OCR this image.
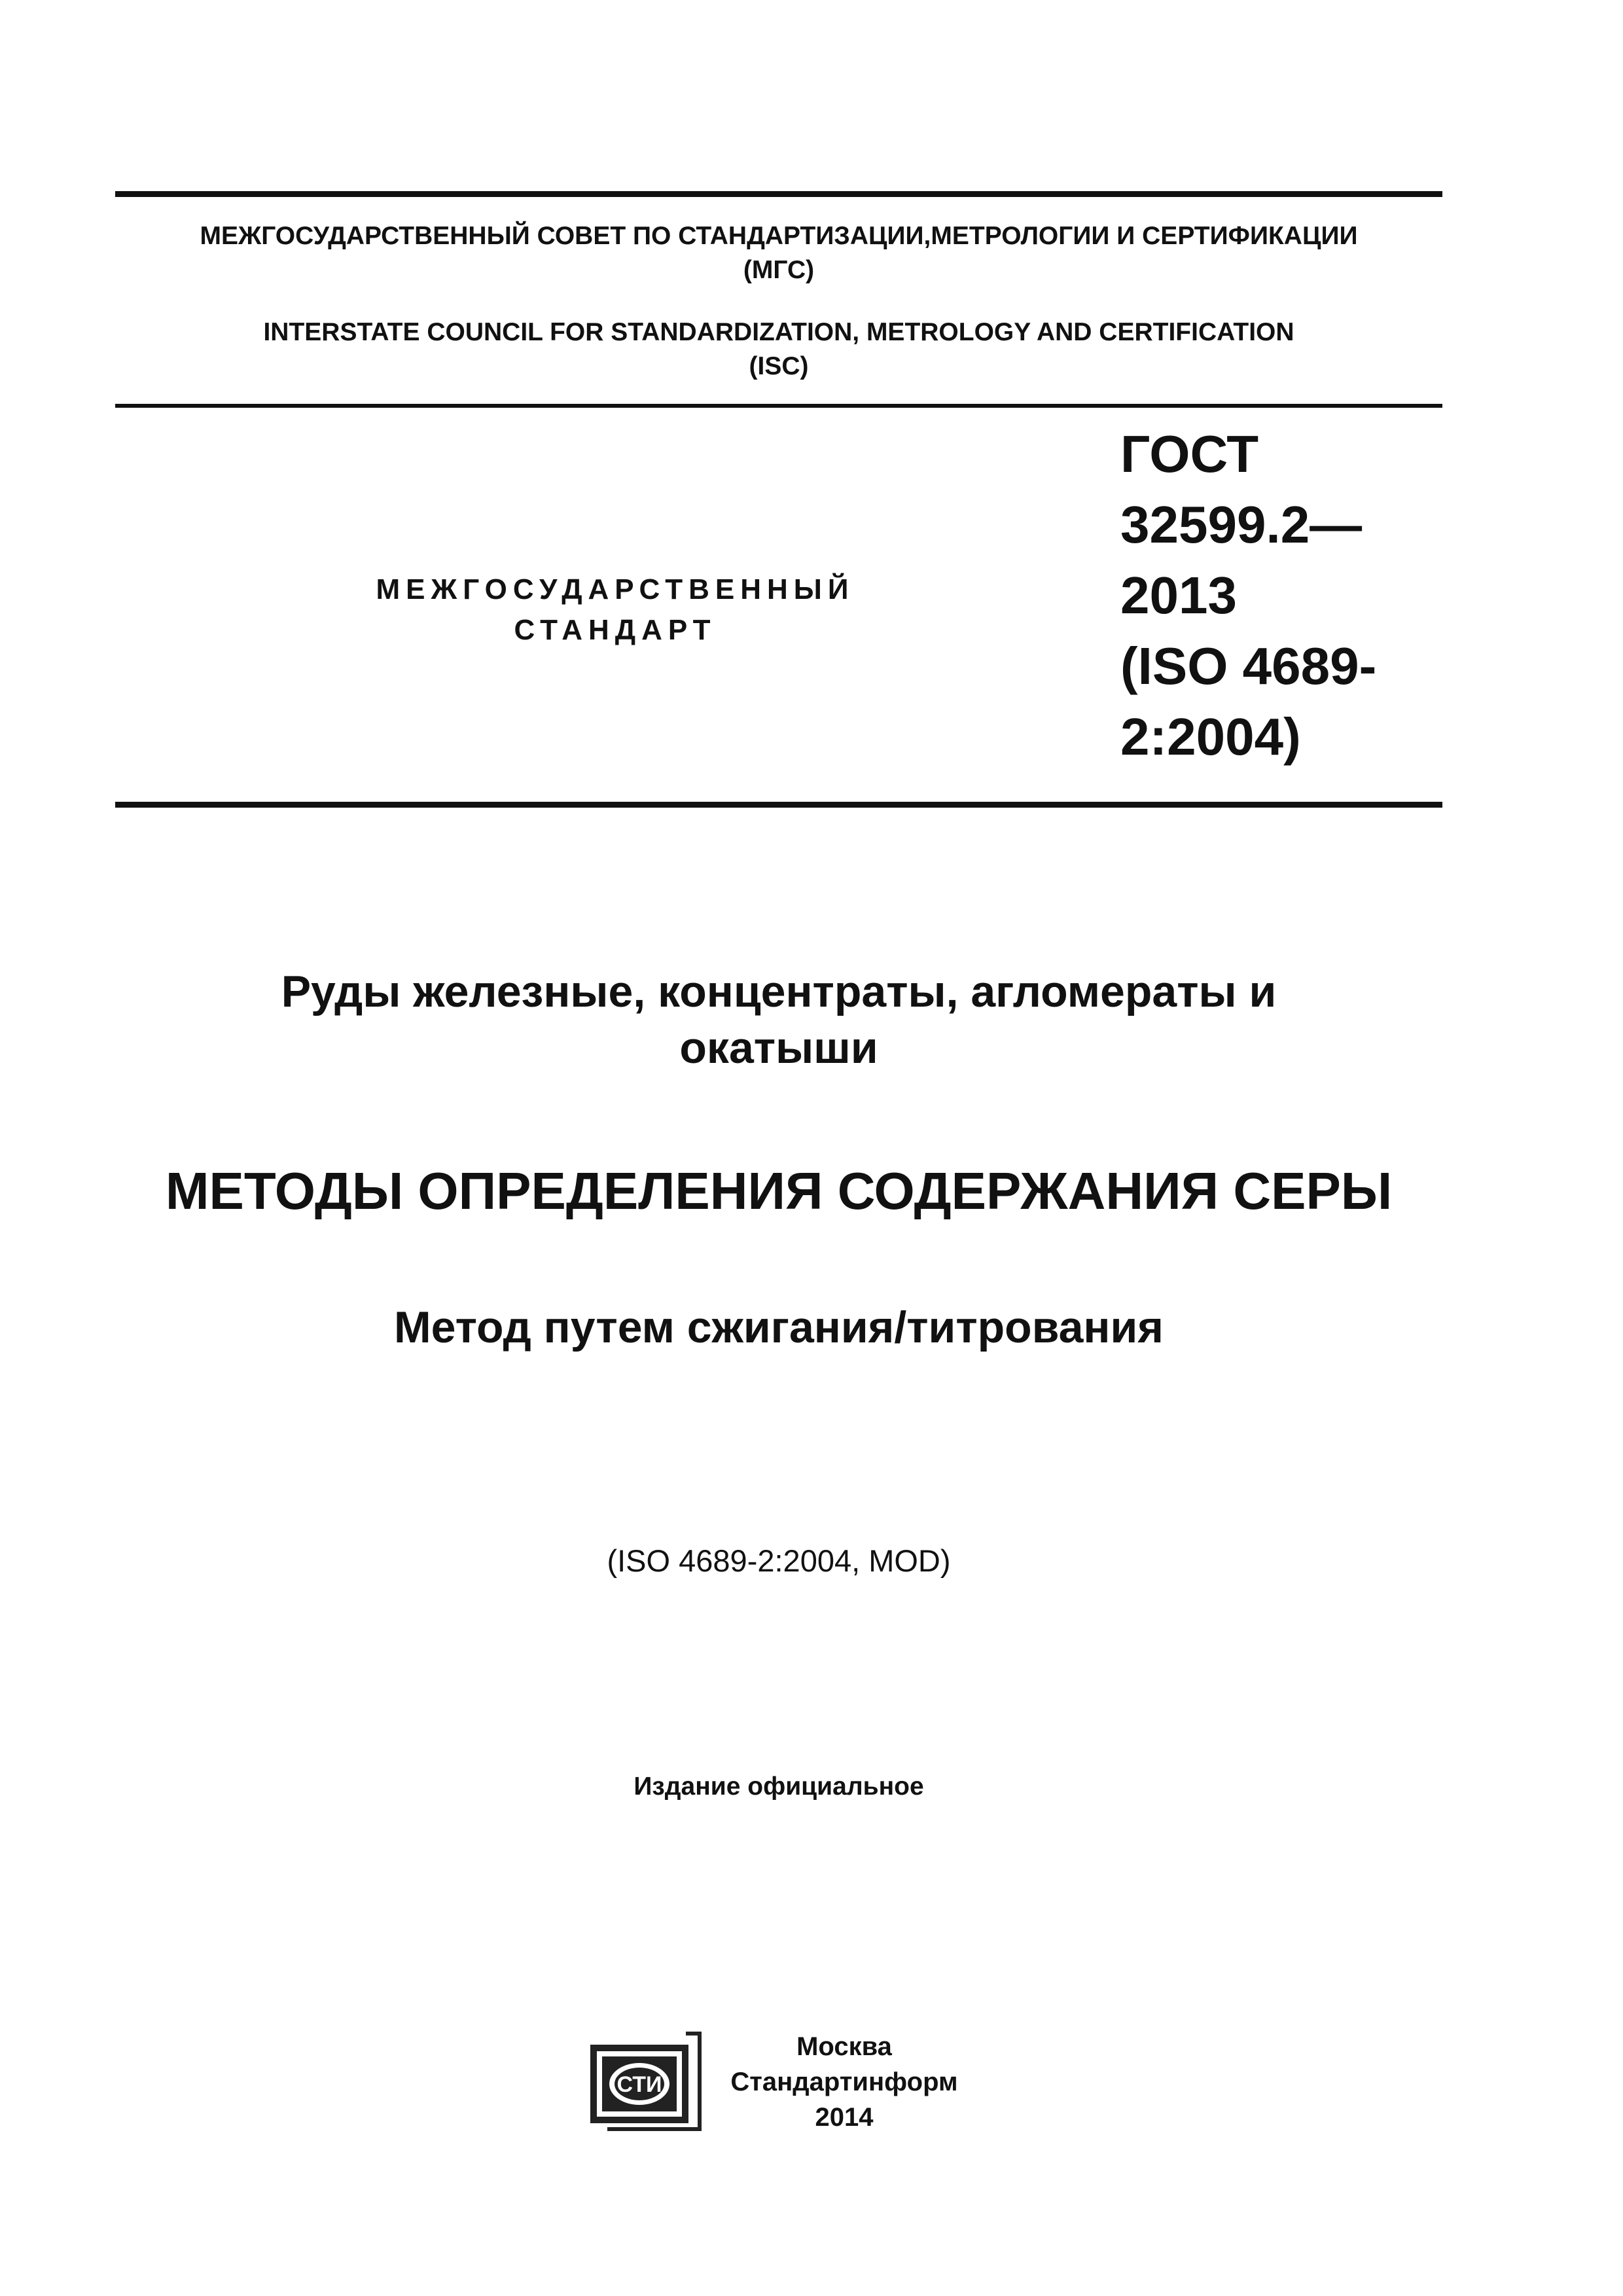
МЕЖГОСУДАРСТВЕННЫЙ СОВЕТ ПО СТАНДАРТИЗАЦИИ,МЕТРОЛОГИИ И СЕРТИФИКАЦИИ
(МГС)
INTERSTATE COUNCIL FOR STANDARDIZATION, METROLOGY AND CERTIFICATION
(ISC)
МЕЖГОСУДАРСТВЕННЫЙ
СТАНДАРТ
ГОСТ
32599.2—
2013
(ISO 4689-
2:2004)
Руды железные, концентраты, агломераты и
окатыши
МЕТОДЫ ОПРЕДЕЛЕНИЯ СОДЕРЖАНИЯ СЕРЫ
Метод путем сжигания/титрования
(ISO 4689-2:2004, MOD)
Издание официальное
СТИ
Москва
Стандартинформ
2014
